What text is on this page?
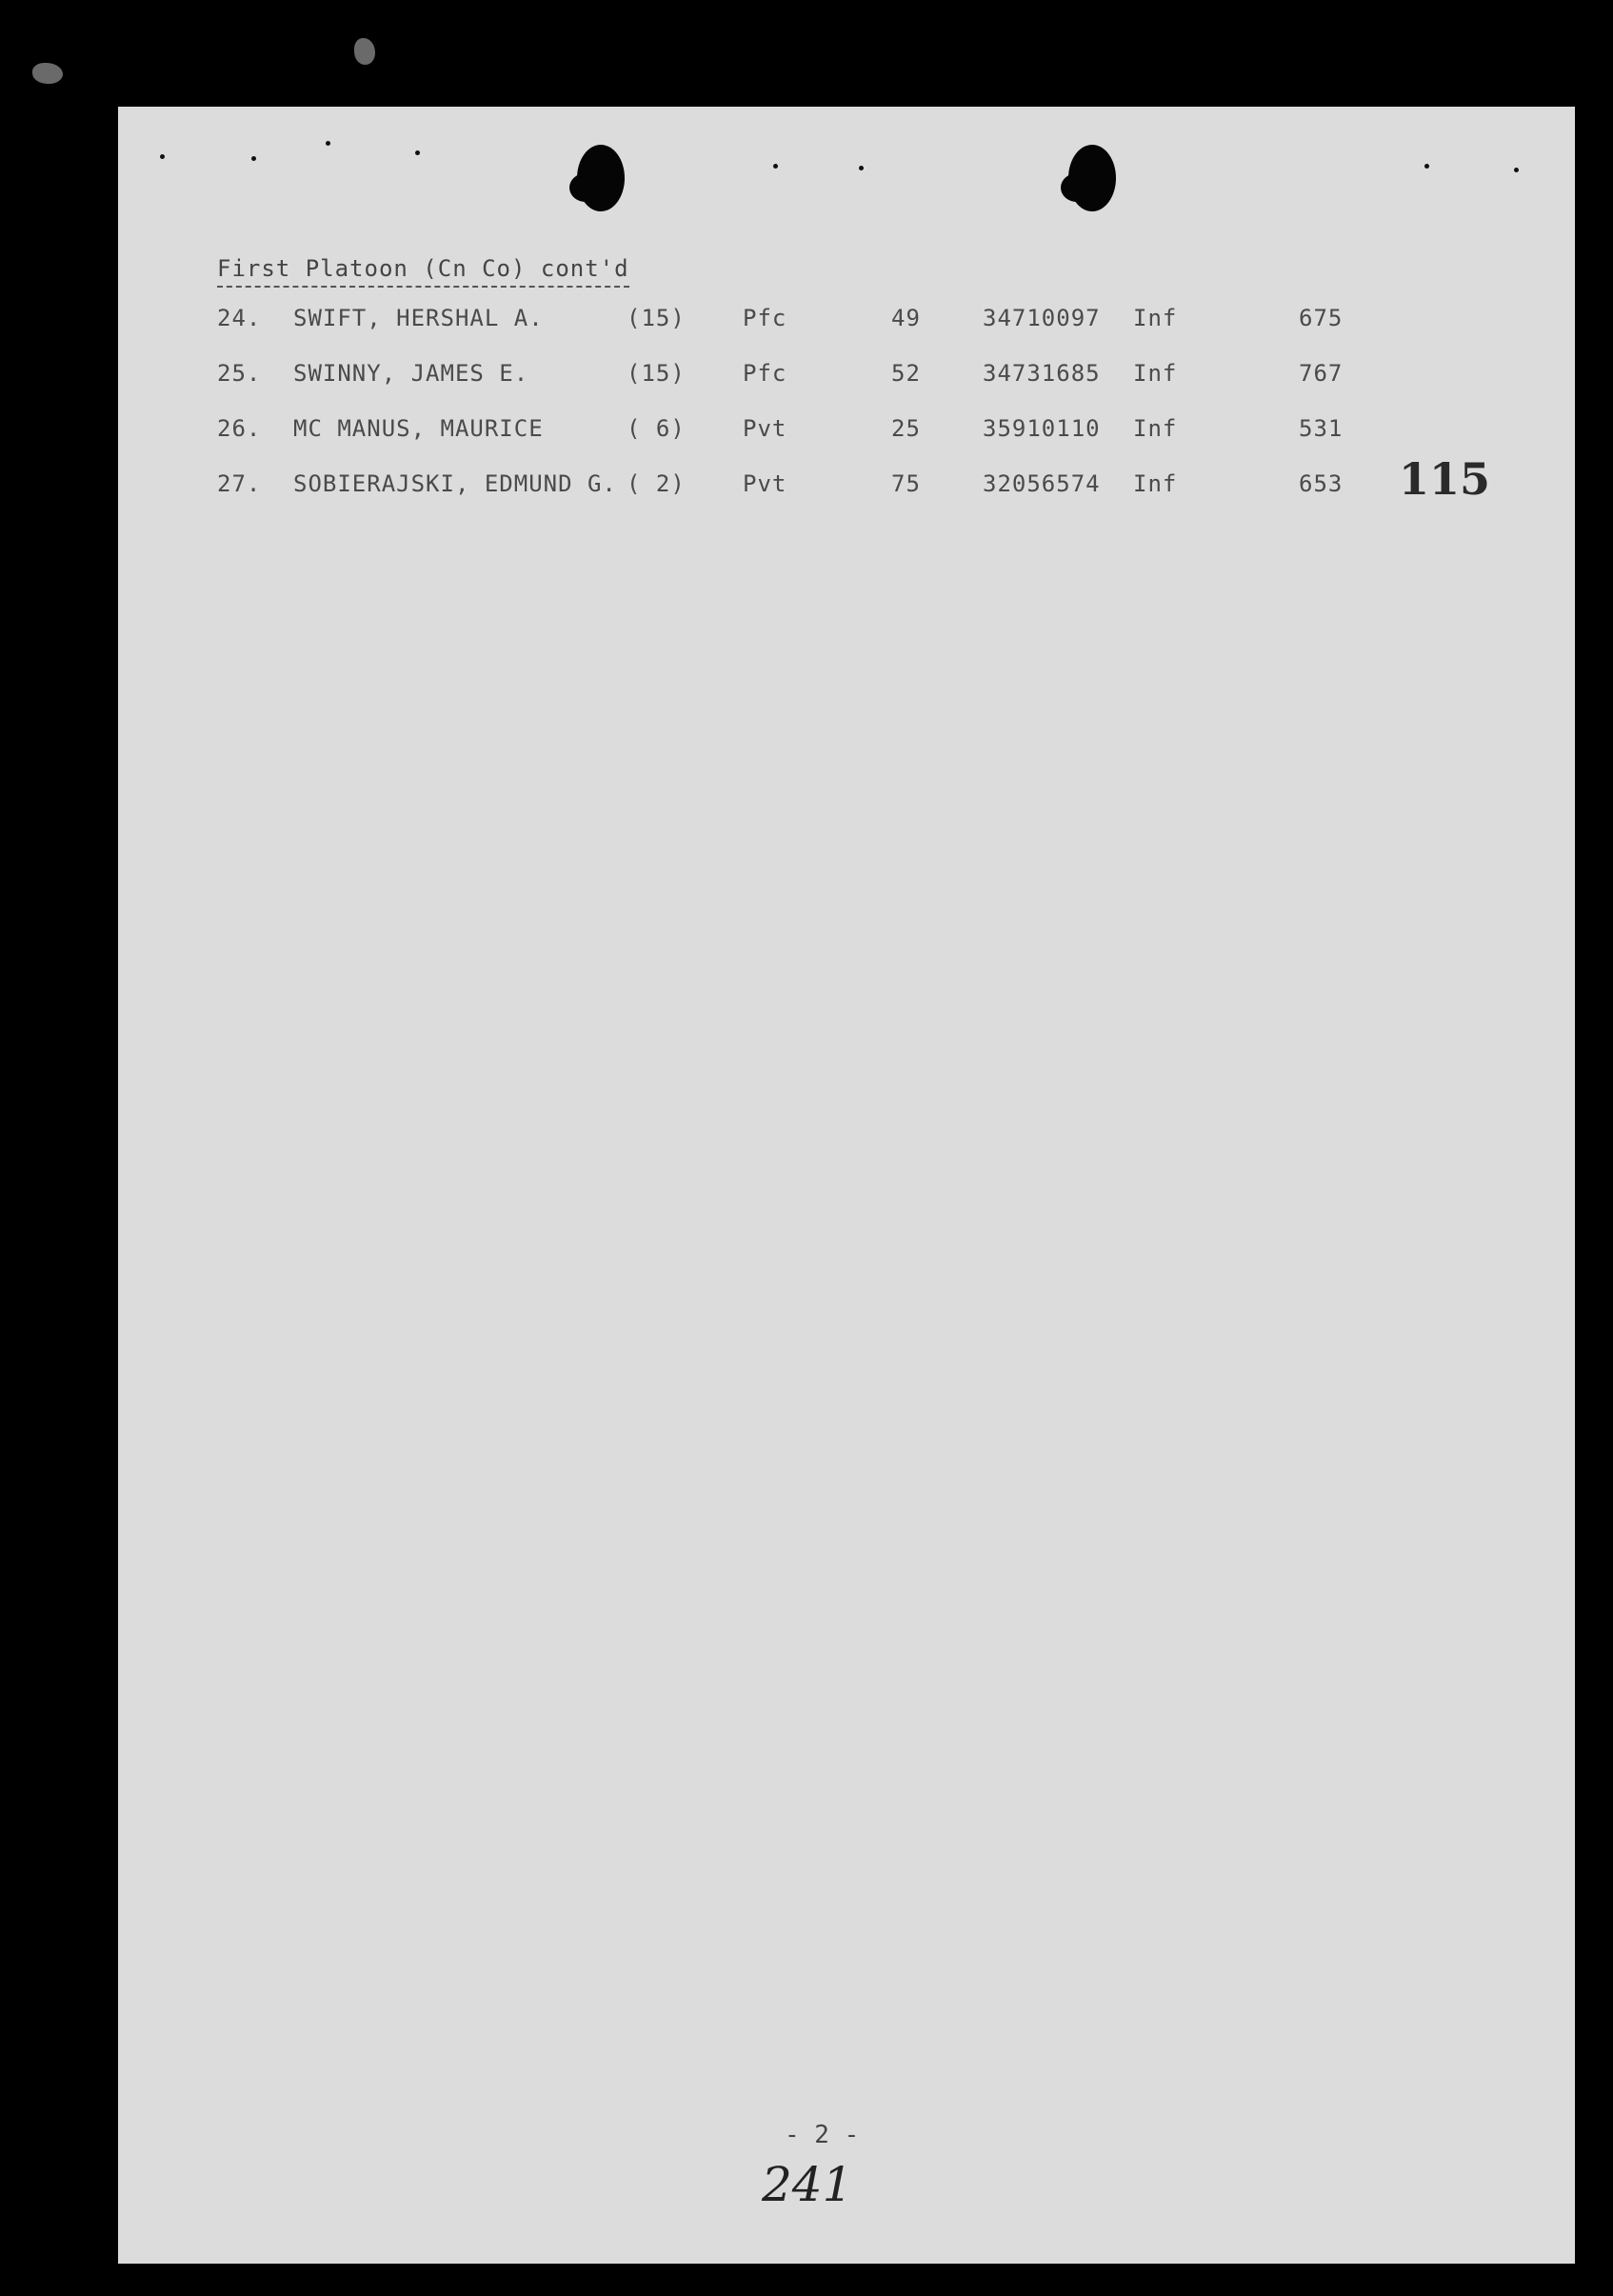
First Platoon (Cn Co) cont'd
24. SWIFT, HERSHAL A.	(15)	Pfc	49	34710097 Inf	675
25. SWINNY, JAMES E.	(15)	Pfc	52	34731685 Inf	767
26. MC MANUS, MAURICE	( 6)	Pvt	25	35910110 Inf	531
27. SOBIERAJSKI, EDMUND G. ( 2)	Pvt	75	32056574 Inf	653 115
- 2 -
241
